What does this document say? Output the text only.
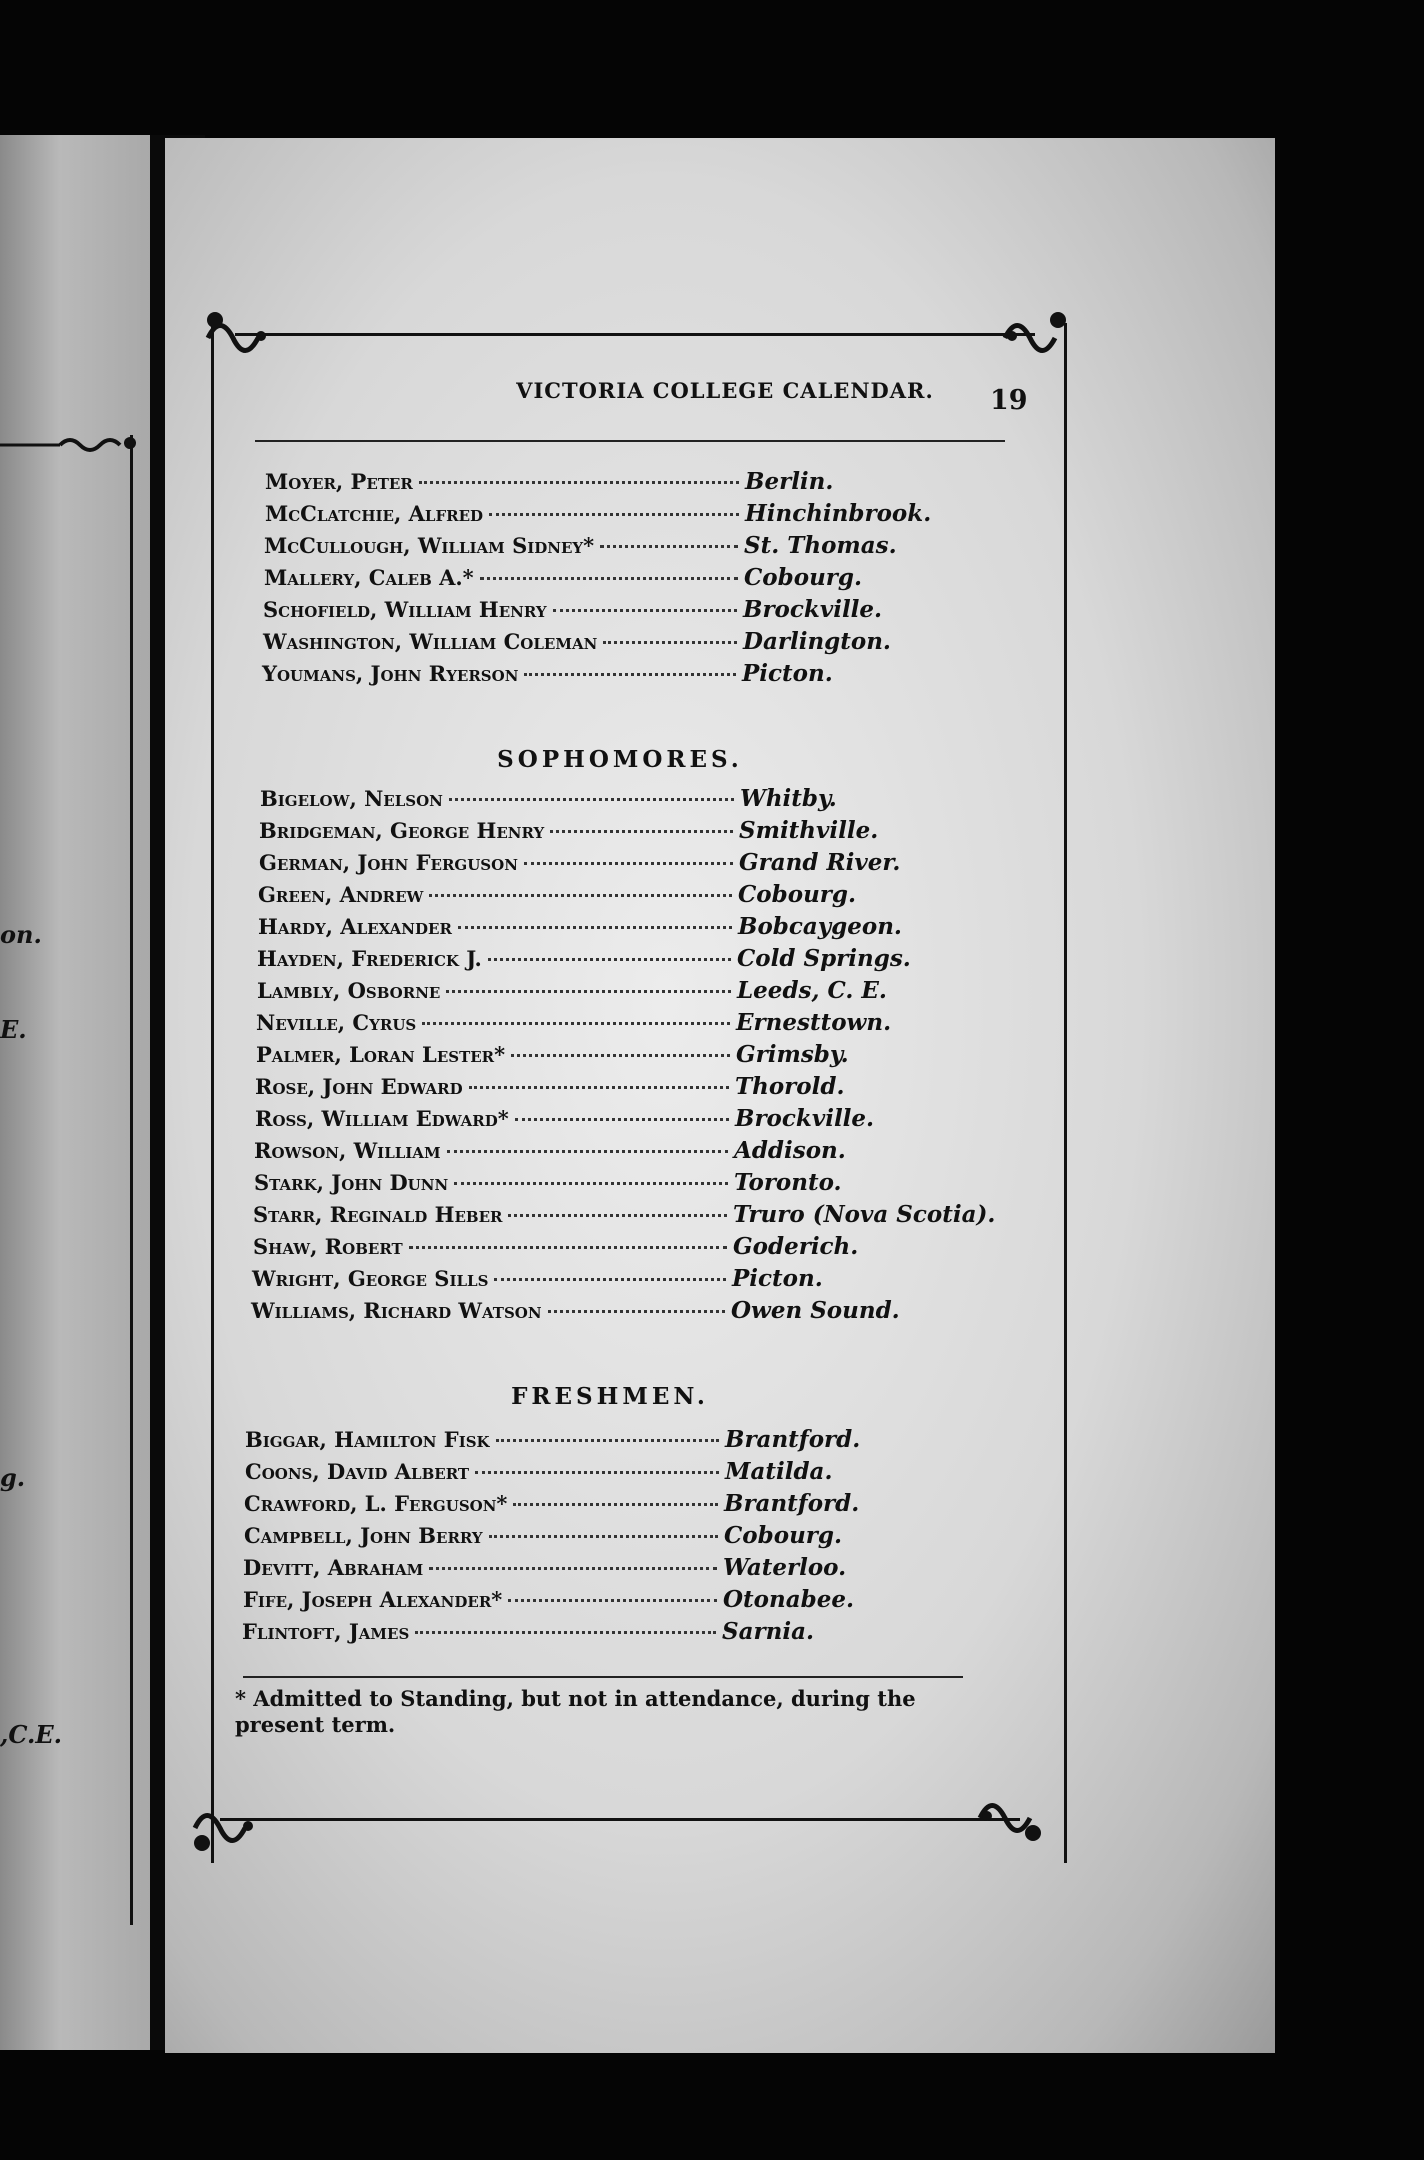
on.
E.
g.
,C.E.
VICTORIA COLLEGE CALENDAR.	19
Moyer, Peter	Berlin.
McClatchie, Alfred	Hinchinbrook.
McCullough, William Sidney*	St. Thomas.
Mallery, Caleb A.*	Cobourg.
Schofield, William Henry	Brockville.
Washington, William Coleman	Darlington.
Youmans, John Ryerson	Picton.
SOPHOMORES.
Bigelow, Nelson	Whitby.
Bridgeman, George Henry	Smithville.
German, John Ferguson	Grand River.
Green, Andrew	Cobourg.
Hardy, Alexander	Bobcaygeon.
Hayden, Frederick J.	Cold Springs.
Lambly, Osborne	Leeds, C. E.
Neville, Cyrus	Ernesttown.
Palmer, Loran Lester*	Grimsby.
Rose, John Edward	Thorold.
Ross, William Edward*	Brockville.
Rowson, William	Addison.
Stark, John Dunn	Toronto.
Starr, Reginald Heber	Truro (Nova Scotia).
Shaw, Robert	Goderich.
Wright, George Sills	Picton.
Williams, Richard Watson	Owen Sound.
FRESHMEN.
Biggar, Hamilton Fisk	Brantford.
Coons, David Albert	Matilda.
Crawford, L. Ferguson*	Brantford.
Campbell, John Berry	Cobourg.
Devitt, Abraham	Waterloo.
Fife, Joseph Alexander*	Otonabee.
Flintoft, James	Sarnia.
* Admitted to Standing, but not in attendance, during the present term.
